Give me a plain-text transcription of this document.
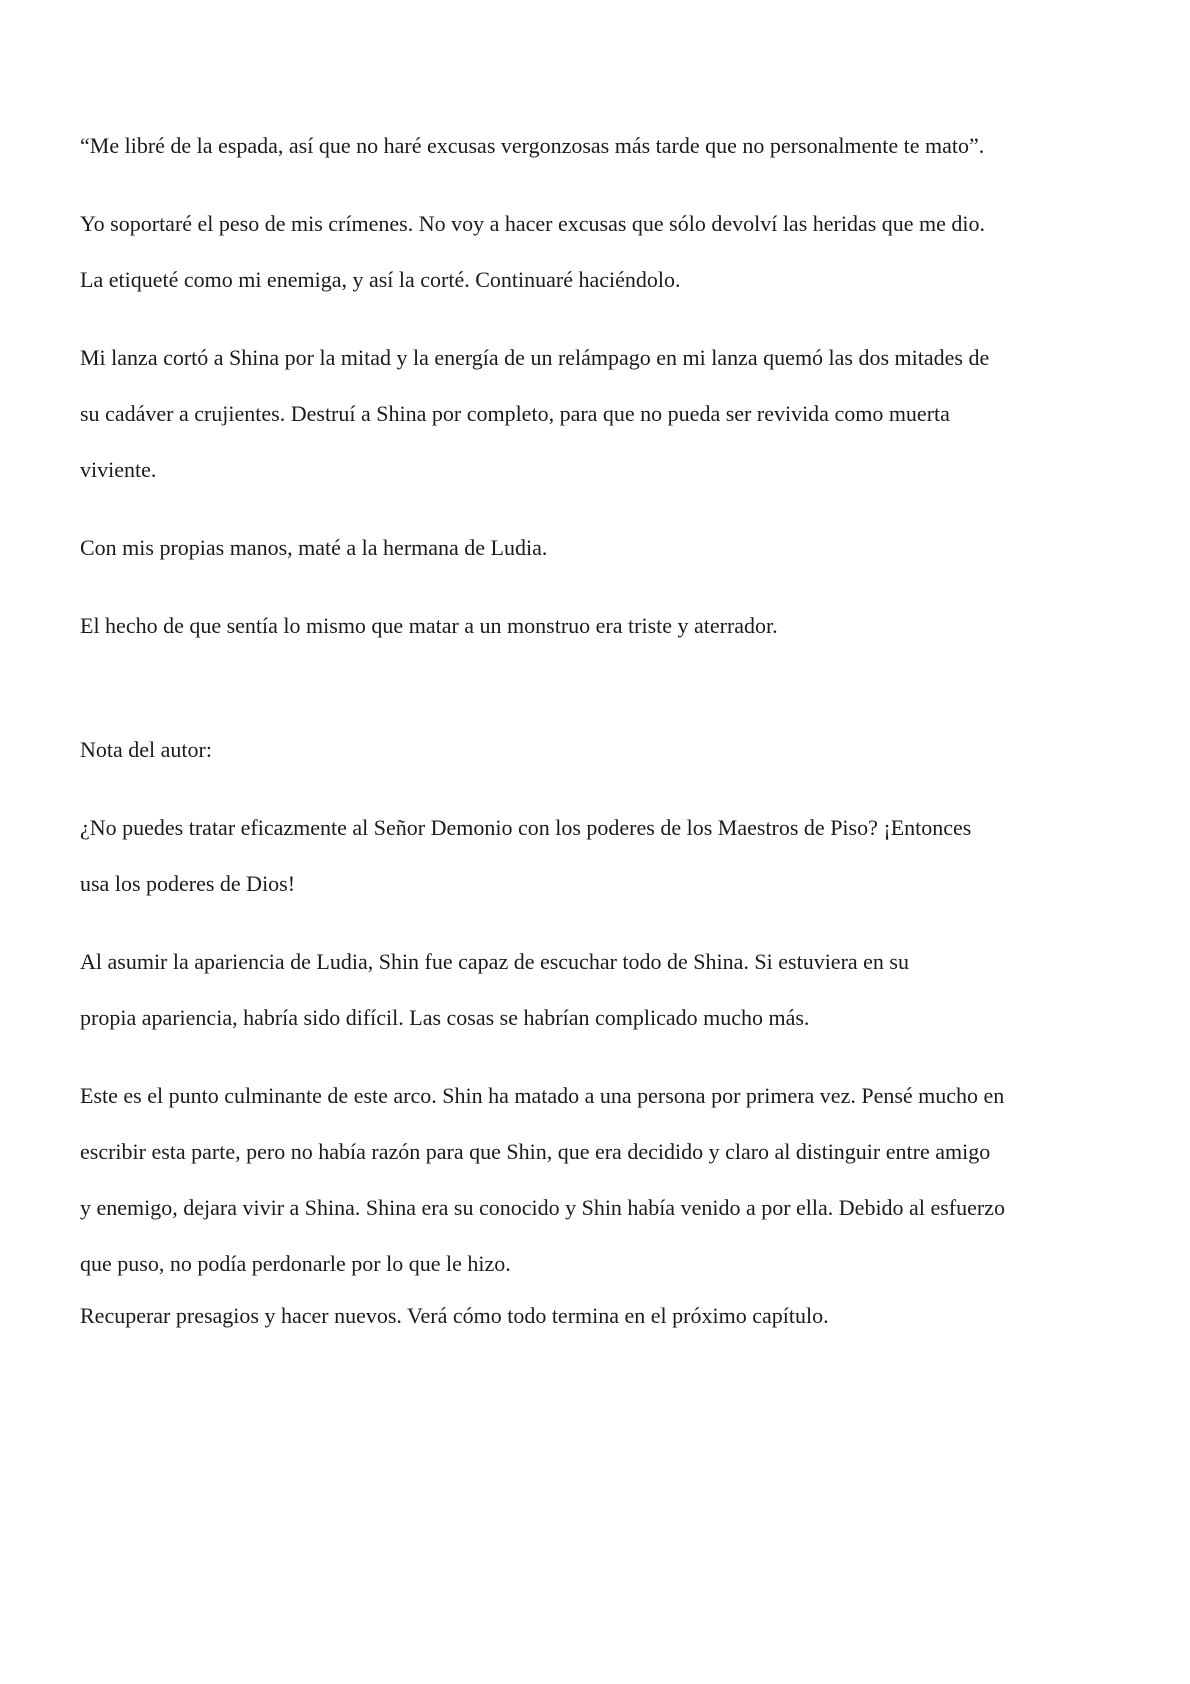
“Me libré de la espada, así que no haré excusas vergonzosas más tarde que no personalmente te mato”.

Yo soportaré el peso de mis crímenes. No voy a hacer excusas que sólo devolví las heridas que me dio.
La etiqueté como mi enemiga, y así la corté. Continuaré haciéndolo.

Mi lanza cortó a Shina por la mitad y la energía de un relámpago en mi lanza quemó las dos mitades de
su cadáver a crujientes. Destruí a Shina por completo, para que no pueda ser revivida como muerta
viviente.

Con mis propias manos, maté a la hermana de Ludia.

El hecho de que sentía lo mismo que matar a un monstruo era triste y aterrador.

Nota del autor:

¿No puedes tratar eficazmente al Señor Demonio con los poderes de los Maestros de Piso? ¡Entonces
usa los poderes de Dios!

Al asumir la apariencia de Ludia, Shin fue capaz de escuchar todo de Shina. Si estuviera en su
propia apariencia, habría sido difícil. Las cosas se habrían complicado mucho más.

Este es el punto culminante de este arco. Shin ha matado a una persona por primera vez. Pensé mucho en
escribir esta parte, pero no había razón para que Shin, que era decidido y claro al distinguir entre amigo
y enemigo, dejara vivir a Shina. Shina era su conocido y Shin había venido a por ella. Debido al esfuerzo
que puso, no podía perdonarle por lo que le hizo.

Recuperar presagios y hacer nuevos. Verá cómo todo termina en el próximo capítulo.
